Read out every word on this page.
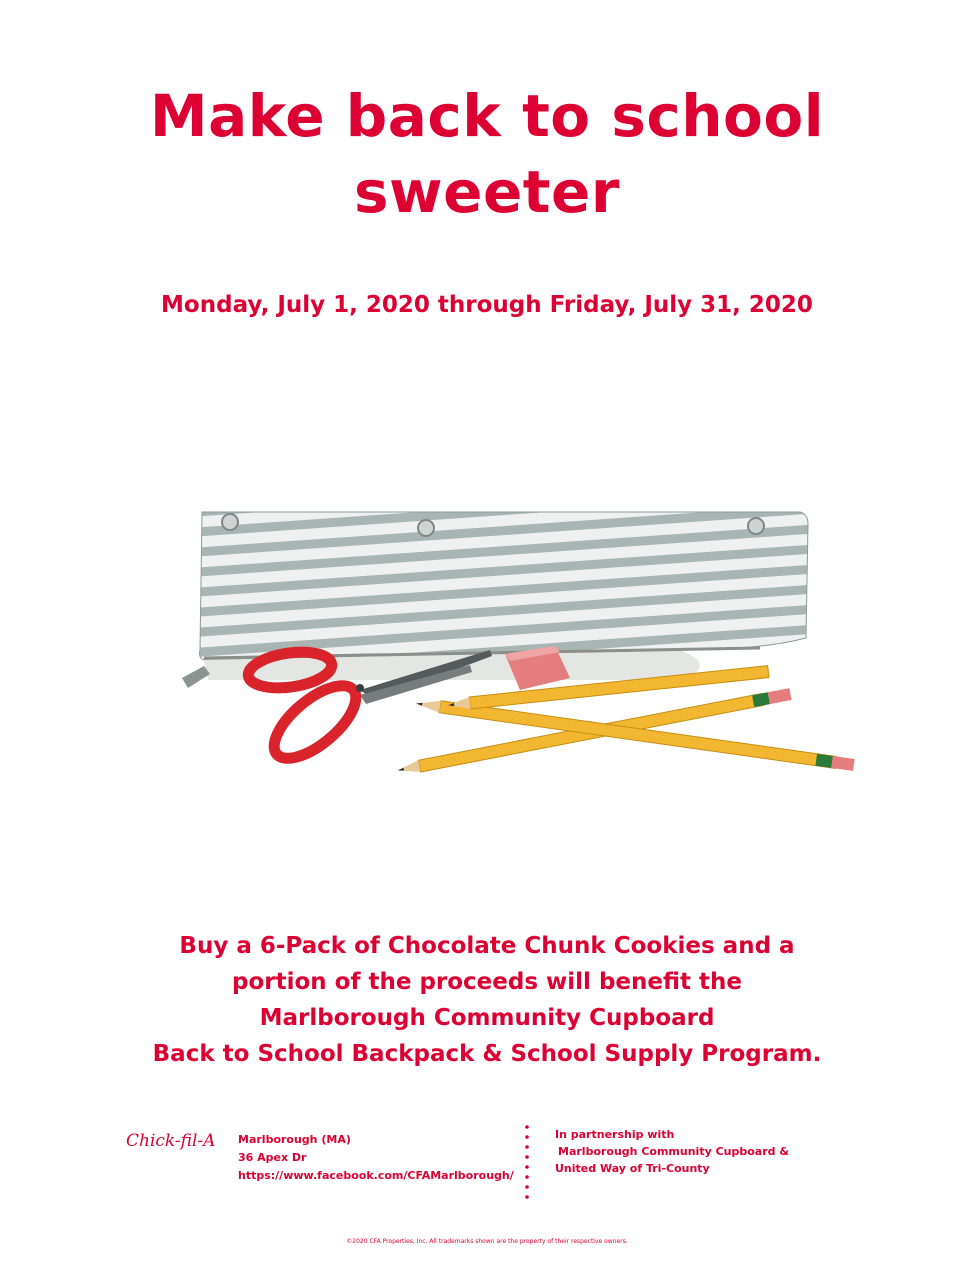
Make back to school
sweeter
Monday, July 1, 2020 through Friday, July 31, 2020
Buy a 6-Pack of Chocolate Chunk Cookies and a
portion of the proceeds will benefit the
Marlborough Community Cupboard
Back to School Backpack & School Supply Program.
Chick-fil-A Marlborough (MA)
36 Apex Dr
https://www.facebook.com/CFAMarlborough/
In partnership with
Marlborough Community Cupboard &
United Way of Tri-County
©2020 CFA Properties, Inc. All trademarks shown are the property of their respective owners.
